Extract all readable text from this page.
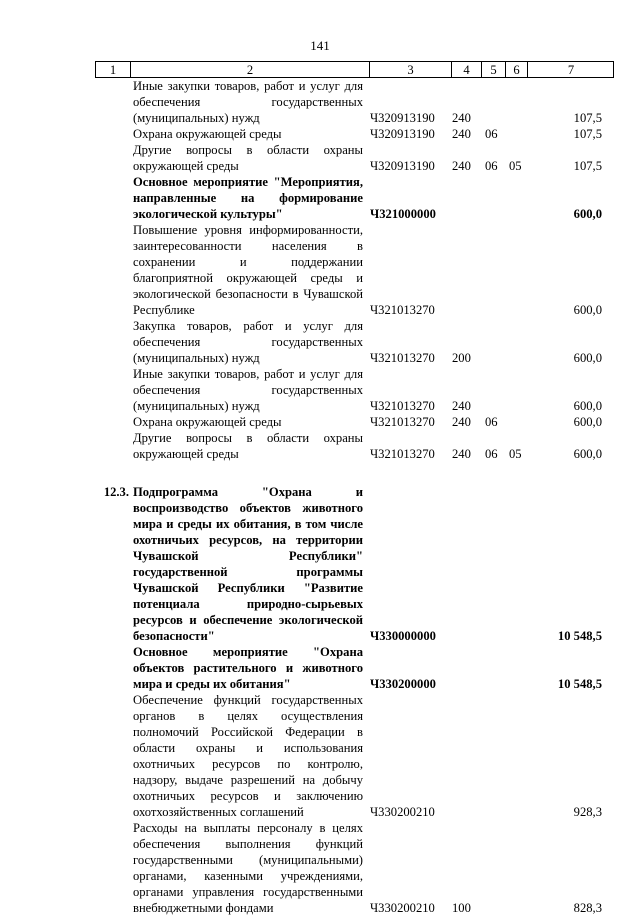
141
1	2	3	4	5	6	7
Иные закупки товаров, работ и услуг для обеспечения государственных (муниципальных) нужд	Ч320913190 240	107,5
Охрана окружающей среды	Ч320913190 240 06	107,5
Другие вопросы в области охраны окружающей среды	Ч320913190 240 06 05	107,5
Основное мероприятие "Мероприятия, направленные на формирование экологической культуры"	Ч321000000	600,0
Повышение уровня информированности, заинтересованности населения в сохранении и поддержании благоприятной окружающей среды и экологической безопасности в Чувашской Республике	Ч321013270	600,0
Закупка товаров, работ и услуг для обеспечения государственных (муниципальных) нужд	Ч321013270 200	600,0
Иные закупки товаров, работ и услуг для обеспечения государственных (муниципальных) нужд	Ч321013270 240	600,0
Охрана окружающей среды	Ч321013270 240 06	600,0
Другие вопросы в области охраны окружающей среды	Ч321013270 240 06 05	600,0
12.3. Подпрограмма "Охрана и воспроизводство объектов животного мира и среды их обитания, в том числе охотничьих ресурсов, на территории Чувашской Республики" государственной программы Чувашской Республики "Развитие потенциала природно-сырьевых ресурсов и обеспечение экологической безопасности"	Ч330000000	10 548,5
Основное мероприятие "Охрана объектов растительного и животного мира и среды их обитания"	Ч330200000	10 548,5
Обеспечение функций государственных органов в целях осуществления полномочий Российской Федерации в области охраны и использования охотничьих ресурсов по контролю, надзору, выдаче разрешений на добычу охотничьих ресурсов и заключению охотхозяйственных соглашений	Ч330200210	928,3
Расходы на выплаты персоналу в целях обеспечения выполнения функций государственными (муниципальными) органами, казенными учреждениями, органами управления государственными внебюджетными фондами	Ч330200210 100	828,3
